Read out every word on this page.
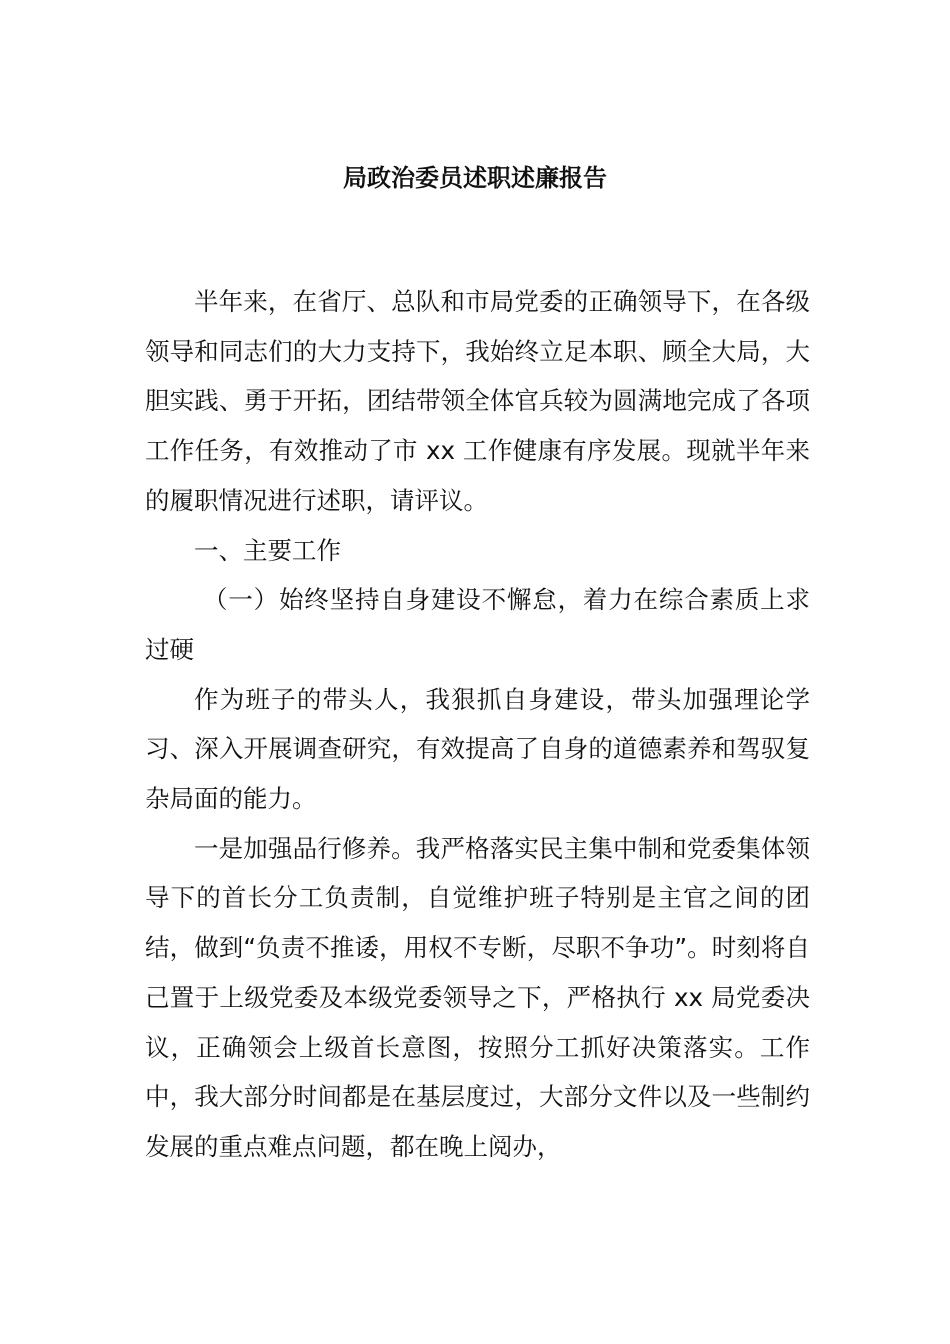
局政治委员述职述廉报告

半年来，在省厅、总队和市局党委的正确领导下，在各级领导和同志们的大力支持下，我始终立足本职、顾全大局，大胆实践、勇于开拓，团结带领全体官兵较为圆满地完成了各项工作任务，有效推动了市 xx 工作健康有序发展。现就半年来的履职情况进行述职，请评议。

一、主要工作

（一）始终坚持自身建设不懈怠，着力在综合素质上求过硬

作为班子的带头人，我狠抓自身建设，带头加强理论学习、深入开展调查研究，有效提高了自身的道德素养和驾驭复杂局面的能力。

一是加强品行修养。我严格落实民主集中制和党委集体领导下的首长分工负责制，自觉维护班子特别是主官之间的团结，做到“负责不推诿，用权不专断，尽职不争功”。时刻将自己置于上级党委及本级党委领导之下，严格执行 xx 局党委决议，正确领会上级首长意图，按照分工抓好决策落实。工作中，我大部分时间都是在基层度过，大部分文件以及一些制约发展的重点难点问题，都在晚上阅办，
